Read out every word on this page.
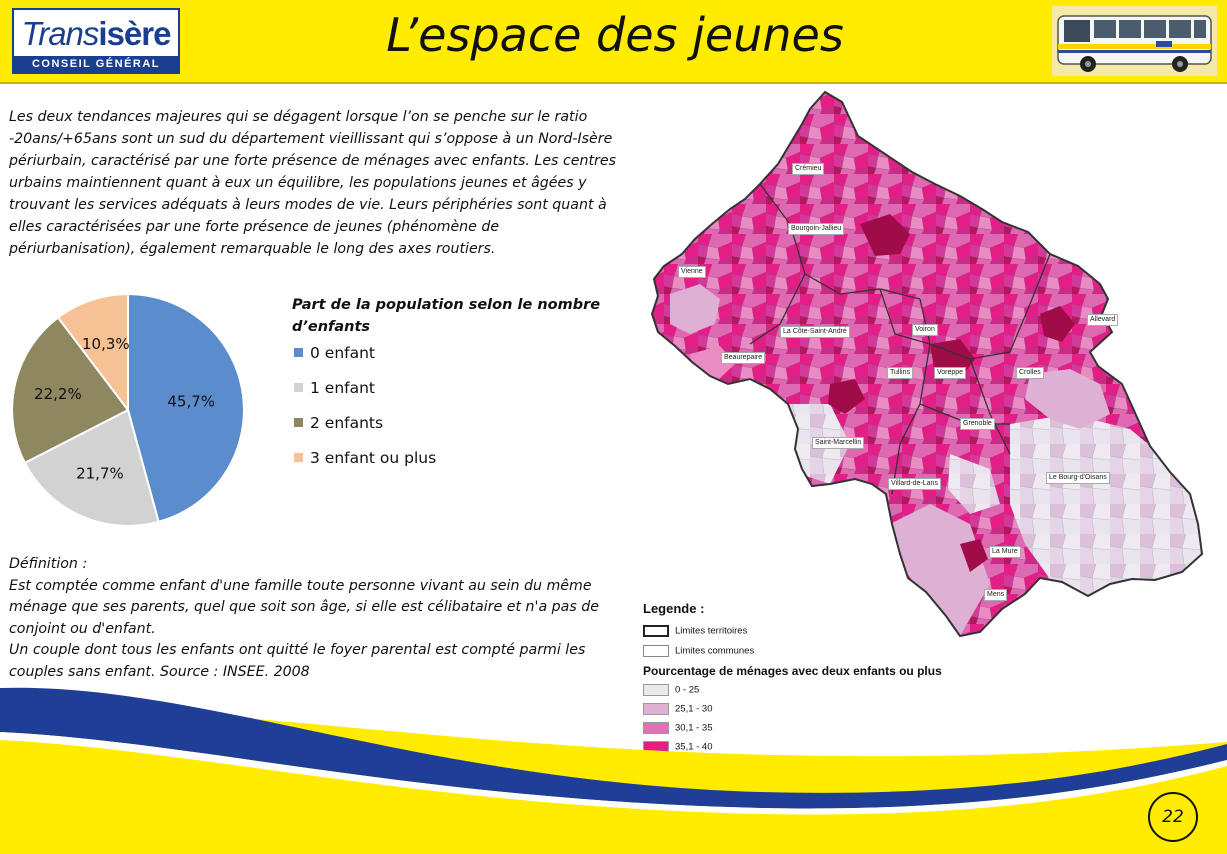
Transisère
CONSEIL GÉNÉRAL
L’espace des jeunes

Les deux tendances majeures qui se dégagent lorsque l’on se penche sur le ratio -20ans/+65ans sont un sud du département vieillissant qui s’oppose à un Nord-Isère périurbain, caractérisé par une forte présence de ménages avec enfants. Les centres urbains maintiennent quant à eux un équilibre, les populations jeunes et âgées y trouvant les services adéquats à leurs modes de vie. Leurs périphéries sont quant à elles caractérisées par une forte présence de jeunes (phénomène de périurbanisation), également remarquable le long des axes routiers.

45,7%
21,7%
22,2%
10,3%
Part de la population selon le nombre d’enfants
0 enfant
1 enfant
2 enfants
3 enfant ou plus

Définition :

Est comptée comme enfant d'une famille toute personne vivant au sein du même ménage que ses parents, quel que soit son âge, si elle est célibataire et n'a pas de conjoint ou d'enfant.

Un couple dont tous les enfants ont quitté le foyer parental est compté parmi les couples sans enfant. Source : INSEE. 2008

Crémieu
Bourgoin-Jallieu
Vienne
La Côte-Saint-André	Voiron
Allevard
Beaurepaire
Tullins	Voreppe	Crolles
Grenoble
Saint-Marcellin
Villard-de-Lans
Le Bourg-d'Oisans
La Mure
Mens
Legende :
Limites territoires
Limites communes
Pourcentage de ménages avec deux enfants ou plus
0 - 25
25,1 - 30
30,1 - 35
35,1 - 40
22
